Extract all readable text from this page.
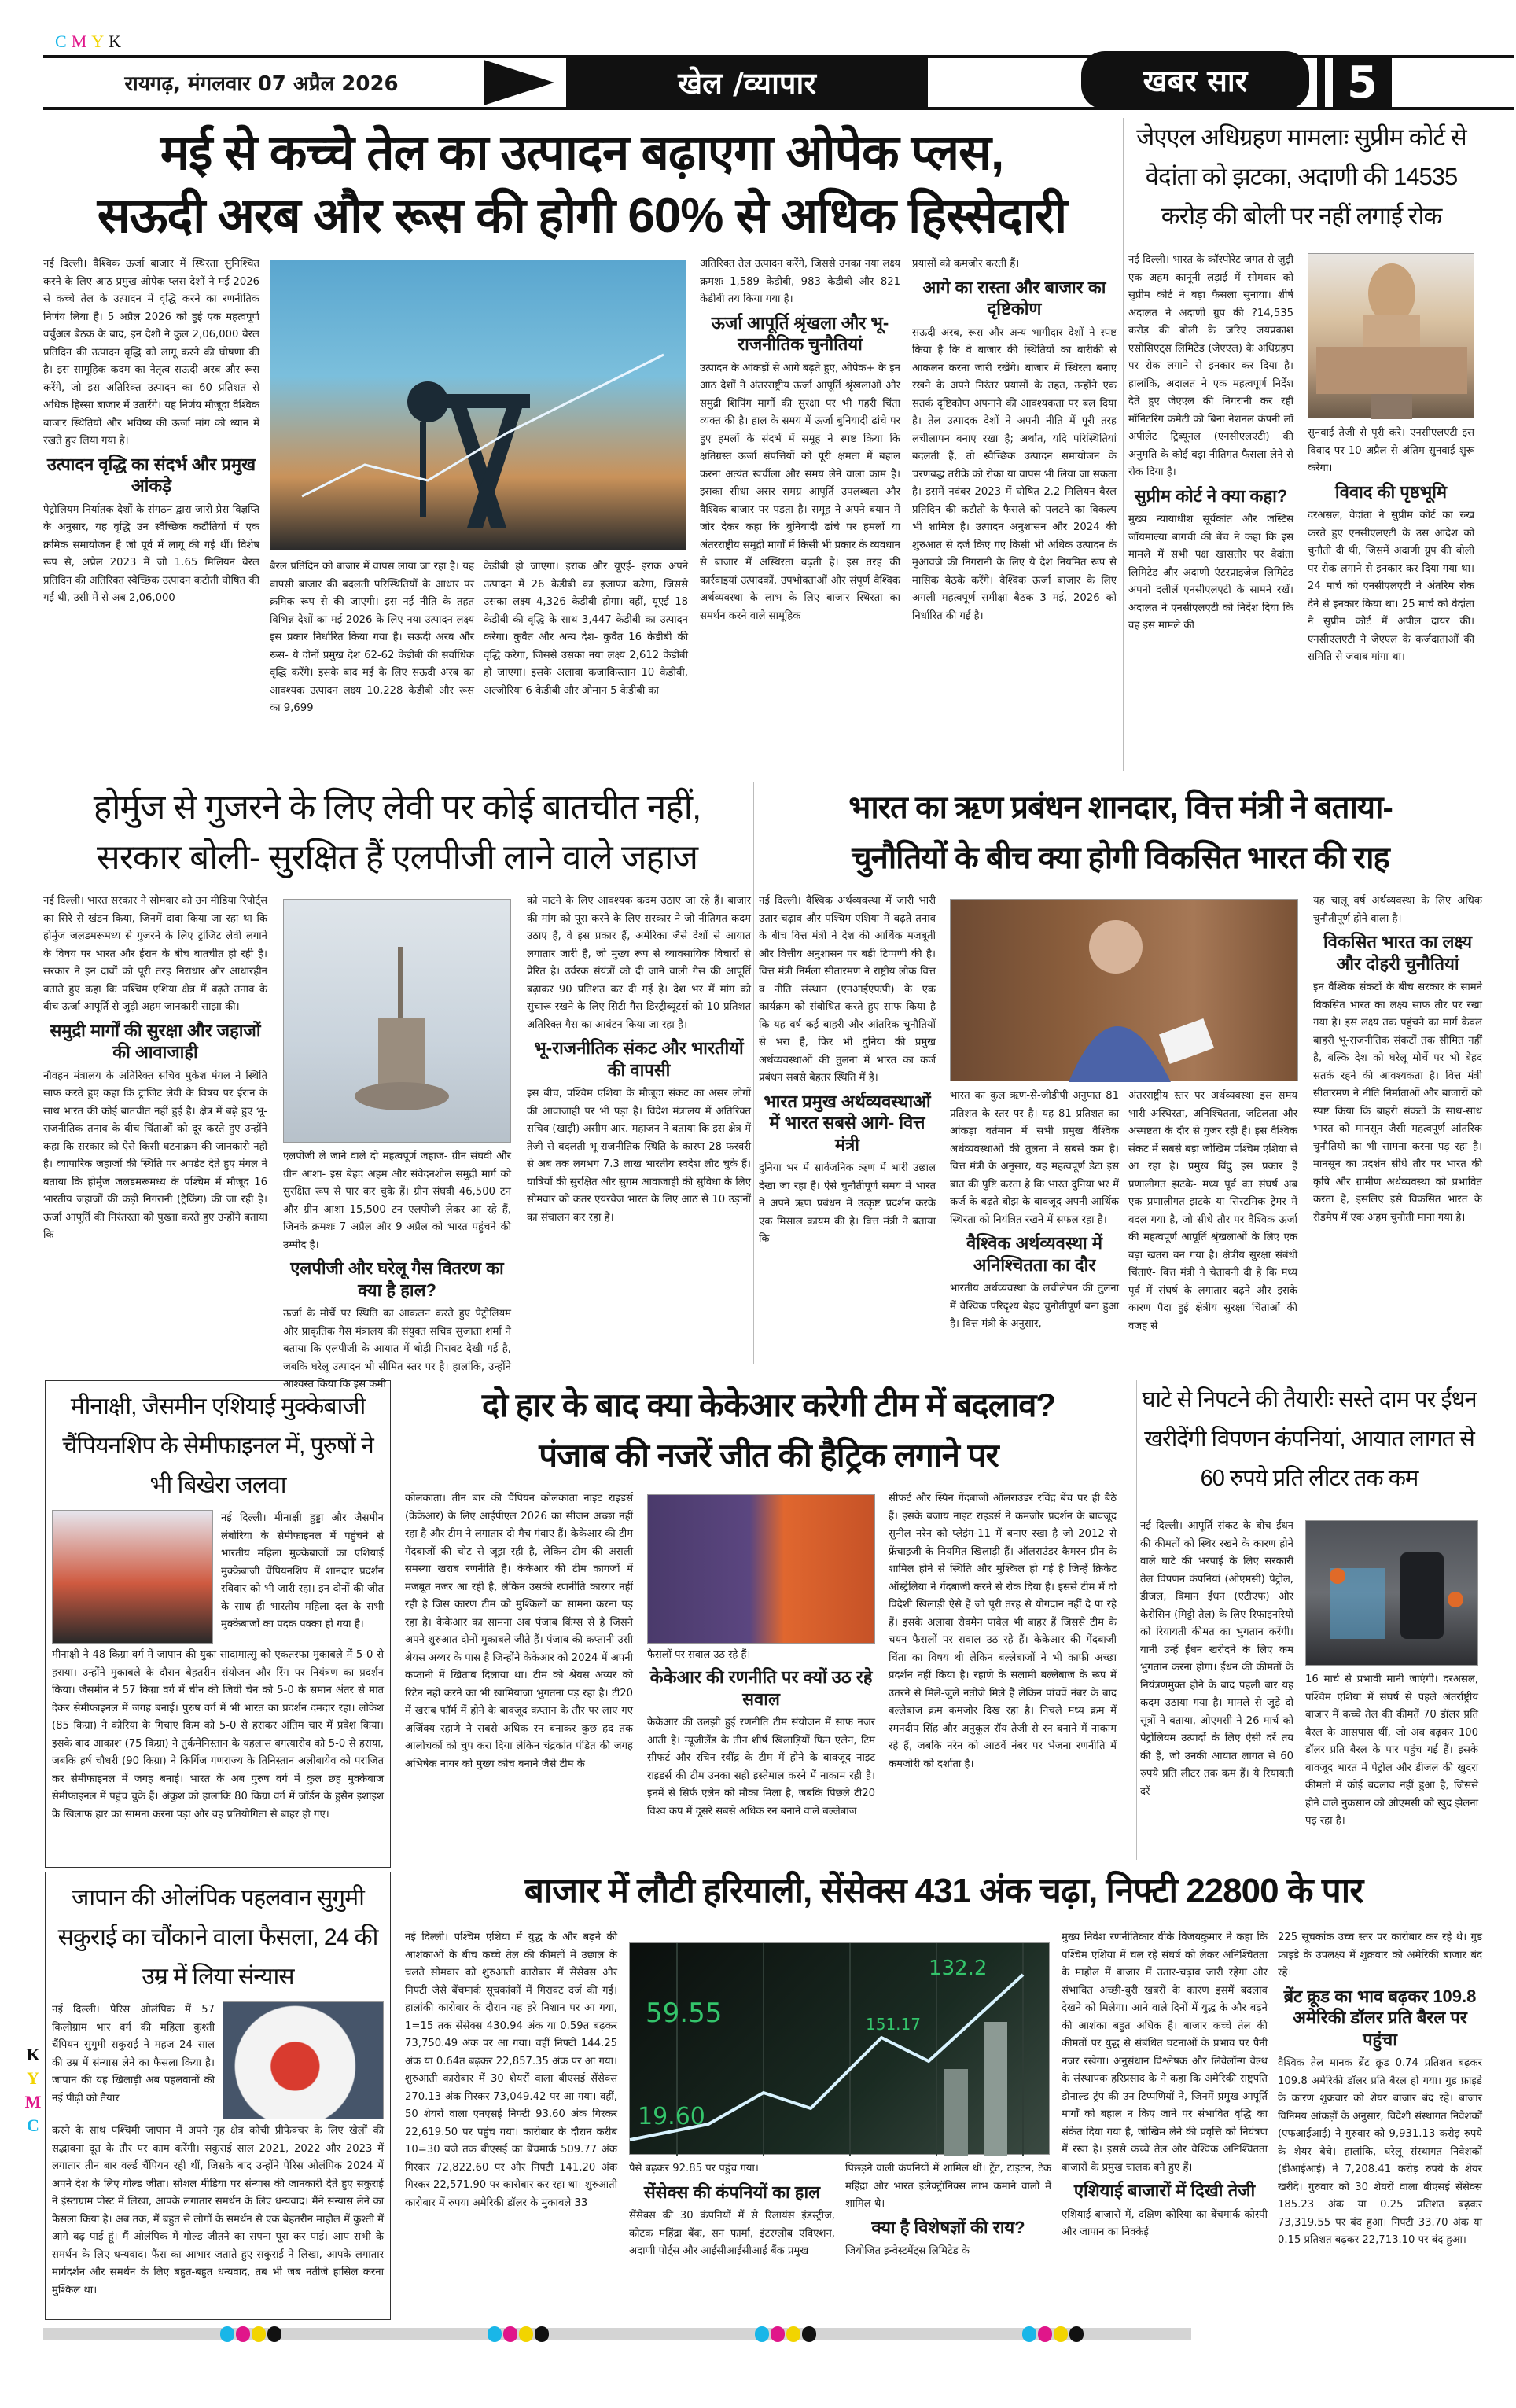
CMYK
रायगढ़, मंगलवार 07 अप्रैल 2026	खेल /व्यापार	खबर सार	5
मई से कच्चे तेल का उत्पादन बढ़ाएगा ओपेक प्लस,
सऊदी अरब और रूस की होगी 60% से अधिक हिस्सेदारी

नई दिल्ली। वैश्विक ऊर्जा बाजार में स्थिरता सुनिश्चित करने के लिए आठ प्रमुख ओपेक प्लस देशों ने मई 2026 से कच्चे तेल के उत्पादन में वृद्धि करने का रणनीतिक निर्णय लिया है। 5 अप्रैल 2026 को हुई एक महत्वपूर्ण वर्चुअल बैठक के बाद, इन देशों ने कुल 2,06,000 बैरल प्रतिदिन की उत्पादन वृद्धि को लागू करने की घोषणा की है। इस सामूहिक कदम का नेतृत्व सऊदी अरब और रूस करेंगे, जो इस अतिरिक्त उत्पादन का 60 प्रतिशत से अधिक हिस्सा बाजार में उतारेंगे। यह निर्णय मौजूदा वैश्विक बाजार स्थितियों और भविष्य की ऊर्जा मांग को ध्यान में रखते हुए लिया गया है।

उत्पादन वृद्धि का संदर्भ और प्रमुख आंकड़े

पेट्रोलियम निर्यातक देशों के संगठन द्वारा जारी प्रेस विज्ञप्ति के अनुसार, यह वृद्धि उन स्वैच्छिक कटौतियों में एक क्रमिक समायोजन है जो पूर्व में लागू की गई थीं। विशेष रूप से, अप्रैल 2023 में जो 1.65 मिलियन बैरल प्रतिदिन की अतिरिक्त स्वैच्छिक उत्पादन कटौती घोषित की गई थी, उसी में से अब 2,06,000

बैरल प्रतिदिन को बाजार में वापस लाया जा रहा है। यह वापसी बाजार की बदलती परिस्थितियों के आधार पर क्रमिक रूप से की जाएगी। इस नई नीति के तहत विभिन्न देशों का मई 2026 के लिए नया उत्पादन लक्ष्य इस प्रकार निर्धारित किया गया है। सऊदी अरब और रूस- ये दोनों प्रमुख देश 62-62 केडीबी की सर्वाधिक वृद्धि करेंगे। इसके बाद मई के लिए सऊदी अरब का आवश्यक उत्पादन लक्ष्य 10,228 केडीबी और रूस का 9,699

केडीबी हो जाएगा। इराक और यूएई- इराक अपने उत्पादन में 26 केडीबी का इजाफा करेगा, जिससे उसका लक्ष्य 4,326 केडीबी होगा। वहीं, यूएई 18 केडीबी की वृद्धि के साथ 3,447 केडीबी का उत्पादन करेगा। कुवैत और अन्य देश- कुवैत 16 केडीबी की वृद्धि करेगा, जिससे उसका नया लक्ष्य 2,612 केडीबी हो जाएगा। इसके अलावा कजाकिस्तान 10 केडीबी, अल्जीरिया 6 केडीबी और ओमान 5 केडीबी का

अतिरिक्त तेल उत्पादन करेंगे, जिससे उनका नया लक्ष्य क्रमशः 1,589 केडीबी, 983 केडीबी और 821 केडीबी तय किया गया है।

ऊर्जा आपूर्ति श्रृंखला और भू-राजनीतिक चुनौतियां

उत्पादन के आंकड़ों से आगे बढ़ते हुए, ओपेक+ के इन आठ देशों ने अंतरराष्ट्रीय ऊर्जा आपूर्ति श्रृंखलाओं और समुद्री शिपिंग मार्गों की सुरक्षा पर भी गहरी चिंता व्यक्त की है। हाल के समय में ऊर्जा बुनियादी ढांचे पर हुए हमलों के संदर्भ में समूह ने स्पष्ट किया कि क्षतिग्रस्त ऊर्जा संपत्तियों को पूरी क्षमता में बहाल करना अत्यंत खर्चीला और समय लेने वाला काम है। इसका सीधा असर समग्र आपूर्ति उपलब्धता और वैश्विक बाजार पर पड़ता है। समूह ने अपने बयान में जोर देकर कहा कि बुनियादी ढांचे पर हमलों या अंतरराष्ट्रीय समुद्री मार्गों में किसी भी प्रकार के व्यवधान से बाजार में अस्थिरता बढ़ती है। इस तरह की कार्रवाइयां उत्पादकों, उपभोक्ताओं और संपूर्ण वैश्विक अर्थव्यवस्था के लाभ के लिए बाजार स्थिरता का समर्थन करने वाले सामूहिक

प्रयासों को कमजोर करती हैं।

आगे का रास्ता और बाजार का दृष्टिकोण

सऊदी अरब, रूस और अन्य भागीदार देशों ने स्पष्ट किया है कि वे बाजार की स्थितियों का बारीकी से आकलन करना जारी रखेंगे। बाजार में स्थिरता बनाए रखने के अपने निरंतर प्रयासों के तहत, उन्होंने एक सतर्क दृष्टिकोण अपनाने की आवश्यकता पर बल दिया है। तेल उत्पादक देशों ने अपनी नीति में पूरी तरह लचीलापन बनाए रखा है; अर्थात, यदि परिस्थितियां बदलती हैं, तो स्वैच्छिक उत्पादन समायोजन के चरणबद्ध तरीके को रोका या वापस भी लिया जा सकता है। इसमें नवंबर 2023 में घोषित 2.2 मिलियन बैरल प्रतिदिन की कटौती के फैसले को पलटने का विकल्प भी शामिल है। उत्पादन अनुशासन और 2024 की शुरुआत से दर्ज किए गए किसी भी अधिक उत्पादन के मुआवजे की निगरानी के लिए ये देश नियमित रूप से मासिक बैठकें करेंगे। वैश्विक ऊर्जा बाजार के लिए अगली महत्वपूर्ण समीक्षा बैठक 3 मई, 2026 को निर्धारित की गई है।

जेएएल अधिग्रहण मामलाः सुप्रीम कोर्ट से वेदांता को झटका, अदाणी की 14535 करोड़ की बोली पर नहीं लगाई रोक

नई दिल्ली। भारत के कॉरपोरेट जगत से जुड़ी एक अहम कानूनी लड़ाई में सोमवार को सुप्रीम कोर्ट ने बड़ा फैसला सुनाया। शीर्ष अदालत ने अदाणी ग्रुप की ?14,535 करोड़ की बोली के जरिए जयप्रकाश एसोसिएट्स लिमिटेड (जेएएल) के अधिग्रहण पर रोक लगाने से इनकार कर दिया है। हालांकि, अदालत ने एक महत्वपूर्ण निर्देश देते हुए जेएएल की निगरानी कर रही मॉनिटरिंग कमेटी को बिना नेशनल कंपनी लॉ अपीलेट ट्रिब्यूनल (एनसीएलएटी) की अनुमति के कोई बड़ा नीतिगत फैसला लेने से रोक दिया है।

सुप्रीम कोर्ट ने क्या कहा?

मुख्य न्यायाधीश सूर्यकांत और जस्टिस जॉयमाल्या बागची की बेंच ने कहा कि इस मामले में सभी पक्ष खासतौर पर वेदांता लिमिटेड और अदाणी एंटरप्राइजेज लिमिटेड अपनी दलीलें एनसीएलएटी के सामने रखें। अदालत ने एनसीएलएटी को निर्देश दिया कि वह इस मामले की

सुनवाई तेजी से पूरी करे। एनसीएलएटी इस विवाद पर 10 अप्रैल से अंतिम सुनवाई शुरू करेगा।

विवाद की पृष्ठभूमि

दरअसल, वेदांता ने सुप्रीम कोर्ट का रुख करते हुए एनसीएलएटी के उस आदेश को चुनौती दी थी, जिसमें अदाणी ग्रुप की बोली पर रोक लगाने से इनकार कर दिया गया था। 24 मार्च को एनसीएलएटी ने अंतरिम रोक देने से इनकार किया था। 25 मार्च को वेदांता ने सुप्रीम कोर्ट में अपील दायर की। एनसीएलएटी ने जेएएल के कर्जदाताओं की समिति से जवाब मांगा था।

होर्मुज से गुजरने के लिए लेवी पर कोई बातचीत नहीं,
सरकार बोली- सुरक्षित हैं एलपीजी लाने वाले जहाज

नई दिल्ली। भारत सरकार ने सोमवार को उन मीडिया रिपोर्ट्स का सिरे से खंडन किया, जिनमें दावा किया जा रहा था कि होर्मुज जलडमरूमध्य से गुजरने के लिए ट्रांजिट लेवी लगाने के विषय पर भारत और ईरान के बीच बातचीत हो रही है। सरकार ने इन दावों को पूरी तरह निराधार और आधारहीन बताते हुए कहा कि पश्चिम एशिया क्षेत्र में बढ़ते तनाव के बीच ऊर्जा आपूर्ति से जुड़ी अहम जानकारी साझा की।

समुद्री मार्गों की सुरक्षा और जहाजों की आवाजाही

नौवहन मंत्रालय के अतिरिक्त सचिव मुकेश मंगल ने स्थिति साफ करते हुए कहा कि ट्रांजिट लेवी के विषय पर ईरान के साथ भारत की कोई बातचीत नहीं हुई है। क्षेत्र में बढ़े हुए भू-राजनीतिक तनाव के बीच चिंताओं को दूर करते हुए उन्होंने कहा कि सरकार को ऐसे किसी घटनाक्रम की जानकारी नहीं है। व्यापारिक जहाजों की स्थिति पर अपडेट देते हुए मंगल ने बताया कि होर्मुज जलडमरूमध्य के पश्चिम में मौजूद 16 भारतीय जहाजों की कड़ी निगरानी (ट्रैकिंग) की जा रही है। ऊर्जा आपूर्ति की निरंतरता को पुख्ता करते हुए उन्होंने बताया कि

एलपीजी ले जाने वाले दो महत्वपूर्ण जहाज- ग्रीन संघवी और ग्रीन आशा- इस बेहद अहम और संवेदनशील समुद्री मार्ग को सुरक्षित रूप से पार कर चुके हैं। ग्रीन संघवी 46,500 टन और ग्रीन आशा 15,500 टन एलपीजी लेकर आ रहे हैं, जिनके क्रमशः 7 अप्रैल और 9 अप्रैल को भारत पहुंचने की उम्मीद है।

एलपीजी और घरेलू गैस वितरण का क्या है हाल?

ऊर्जा के मोर्चे पर स्थिति का आकलन करते हुए पेट्रोलियम और प्राकृतिक गैस मंत्रालय की संयुक्त सचिव सुजाता शर्मा ने बताया कि एलपीजी के आयात में थोड़ी गिरावट देखी गई है, जबकि घरेलू उत्पादन भी सीमित स्तर पर है। हालांकि, उन्होंने आश्वस्त किया कि इस कमी

को पाटने के लिए आवश्यक कदम उठाए जा रहे हैं। बाजार की मांग को पूरा करने के लिए सरकार ने जो नीतिगत कदम उठाए हैं, वे इस प्रकार हैं, अमेरिका जैसे देशों से आयात लगातार जारी है, जो मुख्य रूप से व्यावसायिक विचारों से प्रेरित है। उर्वरक संयंत्रों को दी जाने वाली गैस की आपूर्ति बढ़ाकर 90 प्रतिशत कर दी गई है। देश भर में मांग को सुचारू रखने के लिए सिटी गैस डिस्ट्रीब्यूटर्स को 10 प्रतिशत अतिरिक्त गैस का आवंटन किया जा रहा है।

भू-राजनीतिक संकट और भारतीयों की वापसी

इस बीच, पश्चिम एशिया के मौजूदा संकट का असर लोगों की आवाजाही पर भी पड़ा है। विदेश मंत्रालय में अतिरिक्त सचिव (खाड़ी) असीम आर. महाजन ने बताया कि इस क्षेत्र में तेजी से बदलती भू-राजनीतिक स्थिति के कारण 28 फरवरी से अब तक लगभग 7.3 लाख भारतीय स्वदेश लौट चुके हैं। यात्रियों की सुरक्षित और सुगम आवाजाही की सुविधा के लिए सोमवार को कतर एयरवेज भारत के लिए आठ से 10 उड़ानों का संचालन कर रहा है।

भारत का ऋण प्रबंधन शानदार, वित्त मंत्री ने बताया-
चुनौतियों के बीच क्या होगी विकसित भारत की राह

नई दिल्ली। वैश्विक अर्थव्यवस्था में जारी भारी उतार-चढ़ाव और पश्चिम एशिया में बढ़ते तनाव के बीच वित्त मंत्री ने देश की आर्थिक मजबूती और वित्तीय अनुशासन पर बड़ी टिप्पणी की है। वित्त मंत्री निर्मला सीतारमण ने राष्ट्रीय लोक वित्त व नीति संस्थान (एनआईएफपी) के एक कार्यक्रम को संबोधित करते हुए साफ किया है कि यह वर्ष कई बाहरी और आंतरिक चुनौतियों से भरा है, फिर भी दुनिया की प्रमुख अर्थव्यवस्थाओं की तुलना में भारत का कर्ज प्रबंधन सबसे बेहतर स्थिति में है।

भारत प्रमुख अर्थव्यवस्थाओं में भारत सबसे आगे- वित्त मंत्री

दुनिया भर में सार्वजनिक ऋण में भारी उछाल देखा जा रहा है। ऐसे चुनौतीपूर्ण समय में भारत ने अपने ऋण प्रबंधन में उत्कृष्ट प्रदर्शन करके एक मिसाल कायम की है। वित्त मंत्री ने बताया कि

भारत का कुल ऋण-से-जीडीपी अनुपात 81 प्रतिशत के स्तर पर है। यह 81 प्रतिशत का आंकड़ा वर्तमान में सभी प्रमुख वैश्विक अर्थव्यवस्थाओं की तुलना में सबसे कम है। वित्त मंत्री के अनुसार, यह महत्वपूर्ण डेटा इस बात की पुष्टि करता है कि भारत दुनिया भर में कर्ज के बढ़ते बोझ के बावजूद अपनी आर्थिक स्थिरता को नियंत्रित रखने में सफल रहा है।

वैश्विक अर्थव्यवस्था में अनिश्चितता का दौर

भारतीय अर्थव्यवस्था के लचीलेपन की तुलना में वैश्विक परिदृश्य बेहद चुनौतीपूर्ण बना हुआ है। वित्त मंत्री के अनुसार,

अंतरराष्ट्रीय स्तर पर अर्थव्यवस्था इस समय भारी अस्थिरता, अनिश्चितता, जटिलता और अस्पष्टता के दौर से गुजर रही है। इस वैश्विक संकट में सबसे बड़ा जोखिम पश्चिम एशिया से आ रहा है। प्रमुख बिंदु इस प्रकार हैं प्रणालीगत झटके- मध्य पूर्व का संघर्ष अब एक प्रणालीगत झटके या सिस्टमिक ट्रेमर में बदल गया है, जो सीधे तौर पर वैश्विक ऊर्जा की महत्वपूर्ण आपूर्ति श्रृंखलाओं के लिए एक बड़ा खतरा बन गया है। क्षेत्रीय सुरक्षा संबंधी चिंताएं- वित्त मंत्री ने चेतावनी दी है कि मध्य पूर्व में संघर्ष के लगातार बढ़ने और इसके कारण पैदा हुई क्षेत्रीय सुरक्षा चिंताओं की वजह से

यह चालू वर्ष अर्थव्यवस्था के लिए अधिक चुनौतीपूर्ण होने वाला है।

विकसित भारत का लक्ष्य और दोहरी चुनौतियां

इन वैश्विक संकटों के बीच सरकार के सामने विकसित भारत का लक्ष्य साफ तौर पर रखा गया है। इस लक्ष्य तक पहुंचने का मार्ग केवल बाहरी भू-राजनीतिक संकटों तक सीमित नहीं है, बल्कि देश को घरेलू मोर्चे पर भी बेहद सतर्क रहने की आवश्यकता है। वित्त मंत्री सीतारमण ने नीति निर्माताओं और बाजारों को स्पष्ट किया कि बाहरी संकटों के साथ-साथ भारत को मानसून जैसी महत्वपूर्ण आंतरिक चुनौतियों का भी सामना करना पड़ रहा है। मानसून का प्रदर्शन सीधे तौर पर भारत की कृषि और ग्रामीण अर्थव्यवस्था को प्रभावित करता है, इसलिए इसे विकसित भारत के रोडमैप में एक अहम चुनौती माना गया है।

मीनाक्षी, जैसमीन एशियाई मुक्केबाजी चैंपियनशिप के सेमीफाइनल में, पुरुषों ने भी बिखेरा जलवा

नई दिल्ली। मीनाक्षी हुड्डा और जैसमीन लंबोरिया के सेमीफाइनल में पहुंचने से भारतीय महिला मुक्केबाजों का एशियाई मुक्केबाजी चैंपियनशिप में शानदार प्रदर्शन रविवार को भी जारी रहा। इन दोनों की जीत के साथ ही भारतीय महिला दल के सभी मुक्केबाजों का पदक पक्का हो गया है।

मीनाक्षी ने 48 किग्रा वर्ग में जापान की युका सादामात्सु को एकतरफा मुकाबले में 5-0 से हराया। उन्होंने मुकाबले के दौरान बेहतरीन संयोजन और रिंग पर नियंत्रण का प्रदर्शन किया। जैसमीन ने 57 किग्रा वर्ग में चीन की जियी चेन को 5-0 के समान अंतर से मात देकर सेमीफाइनल में जगह बनाई। पुरुष वर्ग में भी भारत का प्रदर्शन दमदार रहा। लोकेश (85 किग्रा) ने कोरिया के गिचाए किम को 5-0 से हराकर अंतिम चार में प्रवेश किया। इसके बाद आकाश (75 किग्रा) ने तुर्कमेनिस्तान के यहलास बगत्यारोव को 5-0 से हराया, जबकि हर्ष चौधरी (90 किग्रा) ने किर्गिज गणराज्य के तिनिस्तान अलीबायेव को पराजित कर सेमीफाइनल में जगह बनाई। भारत के अब पुरुष वर्ग में कुल छह मुक्केबाज सेमीफाइनल में पहुंच चुके हैं। अंकुश को हालांकि 80 किग्रा वर्ग में जॉर्डन के हुसैन इशाइश के खिलाफ हार का सामना करना पड़ा और वह प्रतियोगिता से बाहर हो गए।

जापान की ओलंपिक पहलवान सुगुमी सकुराई का चौंकाने वाला फैसला, 24 की उम्र में लिया संन्यास

नई दिल्ली। पेरिस ओलंपिक में 57 किलोग्राम भार वर्ग की महिला कुश्ती चैंपियन सुगुमी सकुराई ने महज 24 साल की उम्र में संन्यास लेने का फैसला किया है। जापान की यह खिलाड़ी अब पहलवानों की नई पीढ़ी को तैयार

करने के साथ पश्चिमी जापान में अपने गृह क्षेत्र कोची प्रीफेक्चर के लिए खेलों की सद्भावना दूत के तौर पर काम करेंगी। सकुराई साल 2021, 2022 और 2023 में लगातार तीन बार वर्ल्ड चैंपियन रही थीं, जिसके बाद उन्होंने पेरिस ओलंपिक 2024 में अपने देश के लिए गोल्ड जीता। सोशल मीडिया पर संन्यास की जानकारी देते हुए सकुराई ने इंस्टाग्राम पोस्ट में लिखा, आपके लगातार समर्थन के लिए धन्यवाद। मैंने संन्यास लेने का फैसला किया है। अब तक, मैं बहुत से लोगों के समर्थन से एक बेहतरीन माहौल में कुश्ती में आगे बढ़ पाई हूं। मैं ओलंपिक में गोल्ड जीतने का सपना पूरा कर पाई। आप सभी के समर्थन के लिए धन्यवाद। फैंस का आभार जताते हुए सकुराई ने लिखा, आपके लगातार मार्गदर्शन और समर्थन के लिए बहुत-बहुत धन्यवाद, तब भी जब नतीजे हासिल करना मुश्किल था।

दो हार के बाद क्या केकेआर करेगी टीम में बदलाव?
पंजाब की नजरें जीत की हैट्रिक लगाने पर

कोलकाता। तीन बार की चैंपियन कोलकाता नाइट राइडर्स (केकेआर) के लिए आईपीएल 2026 का सीजन अच्छा नहीं रहा है और टीम ने लगातार दो मैच गंवाए हैं। केकेआर की टीम गेंदबाजों की चोट से जूझ रही है, लेकिन टीम की असली समस्या खराब रणनीति है। केकेआर की टीम कागजों में मजबूत नजर आ रही है, लेकिन उसकी रणनीति कारगर नहीं रही है जिस कारण टीम को मुश्किलों का सामना करना पड़ रहा है। केकेआर का सामना अब पंजाब किंग्स से है जिसने अपने शुरुआत दोनों मुकाबले जीते हैं। पंजाब की कप्तानी उसी श्रेयस अय्यर के पास है जिन्होंने केकेआर को 2024 में अपनी कप्तानी में खिताब दिलाया था। टीम को श्रेयस अय्यर को रिटेन नहीं करने का भी खामियाजा भुगतना पड़ रहा है। टी20 में खराब फॉर्म में होने के बावजूद कप्तान के तौर पर लाए गए अजिंक्य रहाणे ने सबसे अधिक रन बनाकर कुछ हद तक आलोचकों को चुप करा दिया लेकिन चंद्रकांत पंडित की जगह अभिषेक नायर को मुख्य कोच बनाने जैसे टीम के

फैसलों पर सवाल उठ रहे हैं।

केकेआर की रणनीति पर क्यों उठ रहे सवाल

केकेआर की उलझी हुई रणनीति टीम संयोजन में साफ नजर आती है। न्यूजीलैंड के तीन शीर्ष खिलाड़ियों फिन एलेन, टिम सीफर्ट और रचिन रवींद्र के टीम में होने के बावजूद नाइट राइडर्स की टीम उनका सही इस्तेमाल करने में नाकाम रही है। इनमें से सिर्फ एलेन को मौका मिला है, जबकि पिछले टी20 विश्व कप में दूसरे सबसे अधिक रन बनाने वाले बल्लेबाज

सीफर्ट और स्पिन गेंदबाजी ऑलराउंडर रविंद्र बेंच पर ही बैठे हैं। इसके बजाय नाइट राइडर्स ने कमजोर प्रदर्शन के बावजूद सुनील नरेन को प्लेइंग-11 में बनाए रखा है जो 2012 से फ्रेंचाइजी के नियमित खिलाड़ी हैं। ऑलराउंडर कैमरन ग्रीन के शामिल होने से स्थिति और मुश्किल हो गई है जिन्हें क्रिकेट ऑस्ट्रेलिया ने गेंदबाजी करने से रोक दिया है। इससे टीम में दो विदेशी खिलाड़ी ऐसे हैं जो पूरी तरह से योगदान नहीं दे पा रहे हैं। इसके अलावा रोवमैन पावेल भी बाहर हैं जिससे टीम के चयन फैसलों पर सवाल उठ रहे हैं। केकेआर की गेंदबाजी चिंता का विषय थी लेकिन बल्लेबाजों ने भी काफी अच्छा प्रदर्शन नहीं किया है। रहाणे के सलामी बल्लेबाज के रूप में उतरने से मिले-जुले नतीजे मिले हैं लेकिन पांचवें नंबर के बाद बल्लेबाज क्रम कमजोर दिख रहा है। निचले मध्य क्रम में रमनदीप सिंह और अनुकूल रॉय तेजी से रन बनाने में नाकाम रहे हैं, जबकि नरेन को आठवें नंबर पर भेजना रणनीति में कमजोरी को दर्शाता है।

घाटे से निपटने की तैयारीः सस्ते दाम पर ईंधन खरीदेंगी विपणन कंपनियां, आयात लागत से 60 रुपये प्रति लीटर तक कम

नई दिल्ली। आपूर्ति संकट के बीच ईंधन की कीमतों को स्थिर रखने के कारण होने वाले घाटे की भरपाई के लिए सरकारी तेल विपणन कंपनियां (ओएमसी) पेट्रोल, डीजल, विमान ईंधन (एटीएफ) और केरोसिन (मिट्टी तेल) के लिए रिफाइनरियों को रियायती कीमत का भुगतान करेंगी। यानी उन्हें ईंधन खरीदने के लिए कम भुगतान करना होगा। ईंधन की कीमतों के नियंत्रणमुक्त होने के बाद पहली बार यह कदम उठाया गया है। मामले से जुड़े दो सूत्रों ने बताया, ओएमसी ने 26 मार्च को पेट्रोलियम उत्पादों के लिए ऐसी दरें तय की हैं, जो उनकी आयात लागत से 60 रुपये प्रति लीटर तक कम हैं। ये रियायती दरें

16 मार्च से प्रभावी मानी जाएंगी। दरअसल, पश्चिम एशिया में संघर्ष से पहले अंतर्राष्ट्रीय बाजार में कच्चे तेल की कीमतें 70 डॉलर प्रति बैरल के आसपास थीं, जो अब बढ़कर 100 डॉलर प्रति बैरल के पार पहुंच गई हैं। इसके बावजूद भारत में पेट्रोल और डीजल की खुदरा कीमतों में कोई बदलाव नहीं हुआ है, जिससे होने वाले नुकसान को ओएमसी को खुद झेलना पड़ रहा है।

बाजार में लौटी हरियाली, सेंसेक्स 431 अंक चढ़ा, निफ्टी 22800 के पार

नई दिल्ली। पश्चिम एशिया में युद्ध के और बढ़ने की आशंकाओं के बीच कच्चे तेल की कीमतों में उछाल के चलते सोमवार को शुरुआती कारोबार में सेंसेक्स और निफ्टी जैसे बेंचमार्क सूचकांकों में गिरावट दर्ज की गई। हालांकी कारोबार के दौरान यह हरे निशान पर आ गया, 1=15 तक सेंसेक्स 430.94 अंक या 0.59त बढ़कर 73,750.49 अंक पर आ गया। वहीं निफ्टी 144.25 अंक या 0.64त बढ़कर 22,857.35 अंक पर आ गया। शुरुआती कारोबार में 30 शेयरों वाला बीएसई सेंसेक्स 270.13 अंक गिरकर 73,049.42 पर आ गया। वहीं, 50 शेयरों वाला एनएसई निफ्टी 93.60 अंक गिरकर 22,619.50 पर पहुंच गया। कारोबार के दौरान करीब 10=30 बजे तक बीएसई का बेंचमार्क 509.77 अंक गिरकर 72,822.60 पर और निफ्टी 141.20 अंक गिरकर 22,571.90 पर कारोबार कर रहा था। शुरुआती कारोबार में रुपया अमेरिकी डॉलर के मुकाबले 33

132.2
59.55	151.17
19.60

पैसे बढ़कर 92.85 पर पहुंच गया।

सेंसेक्स की कंपनियों का हाल

सेंसेक्स की 30 कंपनियों में से रिलायंस इंडस्ट्रीज, कोटक महिंद्रा बैंक, सन फार्मा, इंटरग्लोब एविएशन, अदाणी पोर्ट्स और आईसीआईसीआई बैंक प्रमुख

पिछड़ने वाली कंपनियों में शामिल थीं। ट्रेंट, टाइटन, टेक महिंद्रा और भारत इलेक्ट्रॉनिक्स लाभ कमाने वालों में शामिल थे।

क्या है विशेषज्ञों की राय?

जियोजित इन्वेस्टमेंट्स लिमिटेड के

मुख्य निवेश रणनीतिकार वीके विजयकुमार ने कहा कि पश्चिम एशिया में चल रहे संघर्ष को लेकर अनिश्चितता के माहौल में बाजार में उतार-चढ़ाव जारी रहेगा और संभावित अच्छी-बुरी खबरों के कारण इसमें बदलाव देखने को मिलेगा। आने वाले दिनों में युद्ध के और बढ़ने की आशंका बहुत अधिक है। बाजार कच्चे तेल की कीमतों पर युद्ध से संबंधित घटनाओं के प्रभाव पर पैनी नजर रखेगा। अनुसंधान विश्लेषक और लिवेलॉन्ग वेल्थ के संस्थापक हरिप्रसाद के ने कहा कि अमेरिकी राष्ट्रपति डोनाल्ड ट्रंप की उन टिप्पणियों ने, जिनमें प्रमुख आपूर्ति मार्गों को बहाल न किए जाने पर संभावित वृद्धि का संकेत दिया गया है, जोखिम लेने की प्रवृत्ति को नियंत्रण में रखा है। इससे कच्चे तेल और वैश्विक अनिश्चितता बाजारों के प्रमुख चालक बने हुए हैं।

एशियाई बाजारों में दिखी तेजी

एशियाई बाजारों में, दक्षिण कोरिया का बेंचमार्क कोस्पी और जापान का निक्केई

225 सूचकांक उच्च स्तर पर कारोबार कर रहे थे। गुड फ्राइडे के उपलक्ष्य में शुक्रवार को अमेरिकी बाजार बंद रहे।

ब्रेंट क्रूड का भाव बढ़कर 109.8 अमेरिकी डॉलर प्रति बैरल पर पहुंचा

वैश्विक तेल मानक ब्रेंट क्रूड 0.74 प्रतिशत बढ़कर 109.8 अमेरिकी डॉलर प्रति बैरल हो गया। गुड फ्राइडे के कारण शुक्रवार को शेयर बाजार बंद रहे। बाजार विनिमय आंकड़ों के अनुसार, विदेशी संस्थागत निवेशकों (एफआईआई) ने गुरुवार को 9,931.13 करोड़ रुपये के शेयर बेचे। हालांकि, घरेलू संस्थागत निवेशकों (डीआईआई) ने 7,208.41 करोड़ रुपये के शेयर खरीदे। गुरुवार को 30 शेयरों वाला बीएसई सेंसेक्स 185.23 अंक या 0.25 प्रतिशत बढ़कर 73,319.55 पर बंद हुआ। निफ्टी 33.70 अंक या 0.15 प्रतिशत बढ़कर 22,713.10 पर बंद हुआ।

C
M
Y
K
